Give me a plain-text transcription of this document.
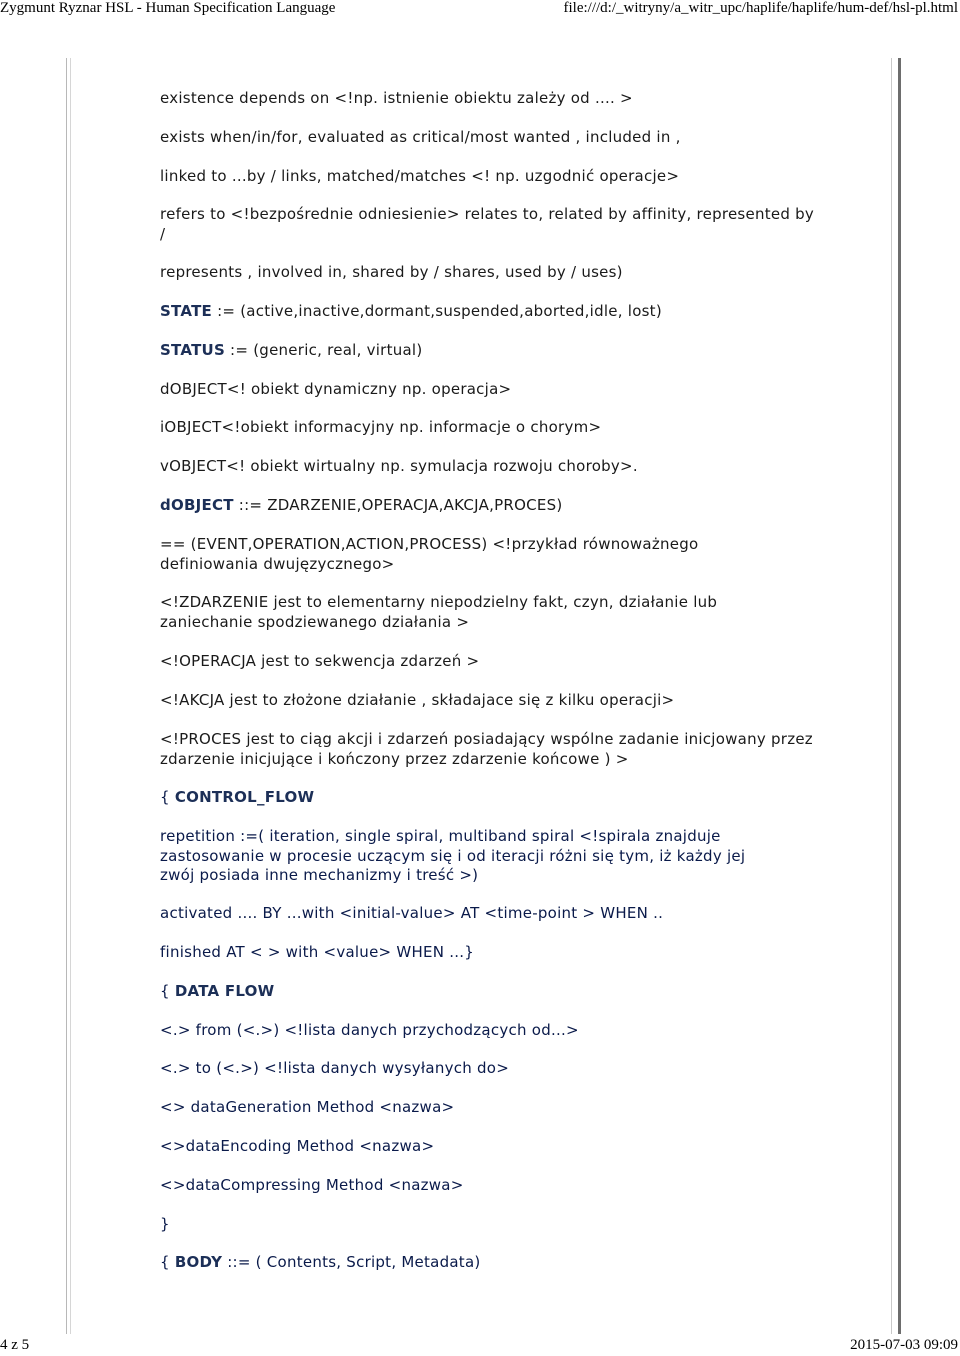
Zygmunt Ryznar HSL - Human Specification Language	file:///d:/_witryny/a_witr_upc/haplife/haplife/hum-def/hsl-pl.html
existence depends on <!np. istnienie obiektu zależy od .... >
exists when/in/for, evaluated as critical/most wanted , included in ,
linked to ...by / links, matched/matches <! np. uzgodnić operacje>
refers to <!bezpośrednie odniesienie> relates to, related by affinity, represented by /
represents , involved in, shared by / shares, used by / uses)
STATE := (active,inactive,dormant,suspended,aborted,idle, lost)
STATUS := (generic, real, virtual)
dOBJECT<! obiekt dynamiczny np. operacja>
iOBJECT<!obiekt informacyjny np. informacje o chorym>
vOBJECT<! obiekt wirtualny np. symulacja rozwoju choroby>.
dOBJECT ::= ZDARZENIE,OPERACJA,AKCJA,PROCES)
== (EVENT,OPERATION,ACTION,PROCESS) <!przykład równoważnego definiowania dwujęzycznego>
<!ZDARZENIE jest to elementarny niepodzielny fakt, czyn, działanie lub zaniechanie spodziewanego działania >
<!OPERACJA jest to sekwencja zdarzeń >
<!AKCJA jest to złożone działanie , składajace się z kilku operacji>
<!PROCES jest to ciąg akcji i zdarzeń posiadający wspólne zadanie inicjowany przez zdarzenie inicjujące i kończony przez zdarzenie końcowe ) >
{ CONTROL_FLOW
repetition :=( iteration, single spiral, multiband spiral <!spirala znajduje zastosowanie w procesie uczącym się i od iteracji różni się tym, iż każdy jej zwój posiada inne mechanizmy i treść >)
activated .... BY ...with <initial-value> AT <time-point > WHEN ..
finished AT < > with <value> WHEN ...}
{ DATA FLOW
<.> from (<.>) <!lista danych przychodzących od...>
<.> to (<.>) <!lista danych wysyłanych do>
<> dataGeneration Method <nazwa>
<>dataEncoding Method <nazwa>
<>dataCompressing Method <nazwa>
}
{ BODY ::= ( Contents, Script, Metadata)
4 z 5	2015-07-03 09:09
